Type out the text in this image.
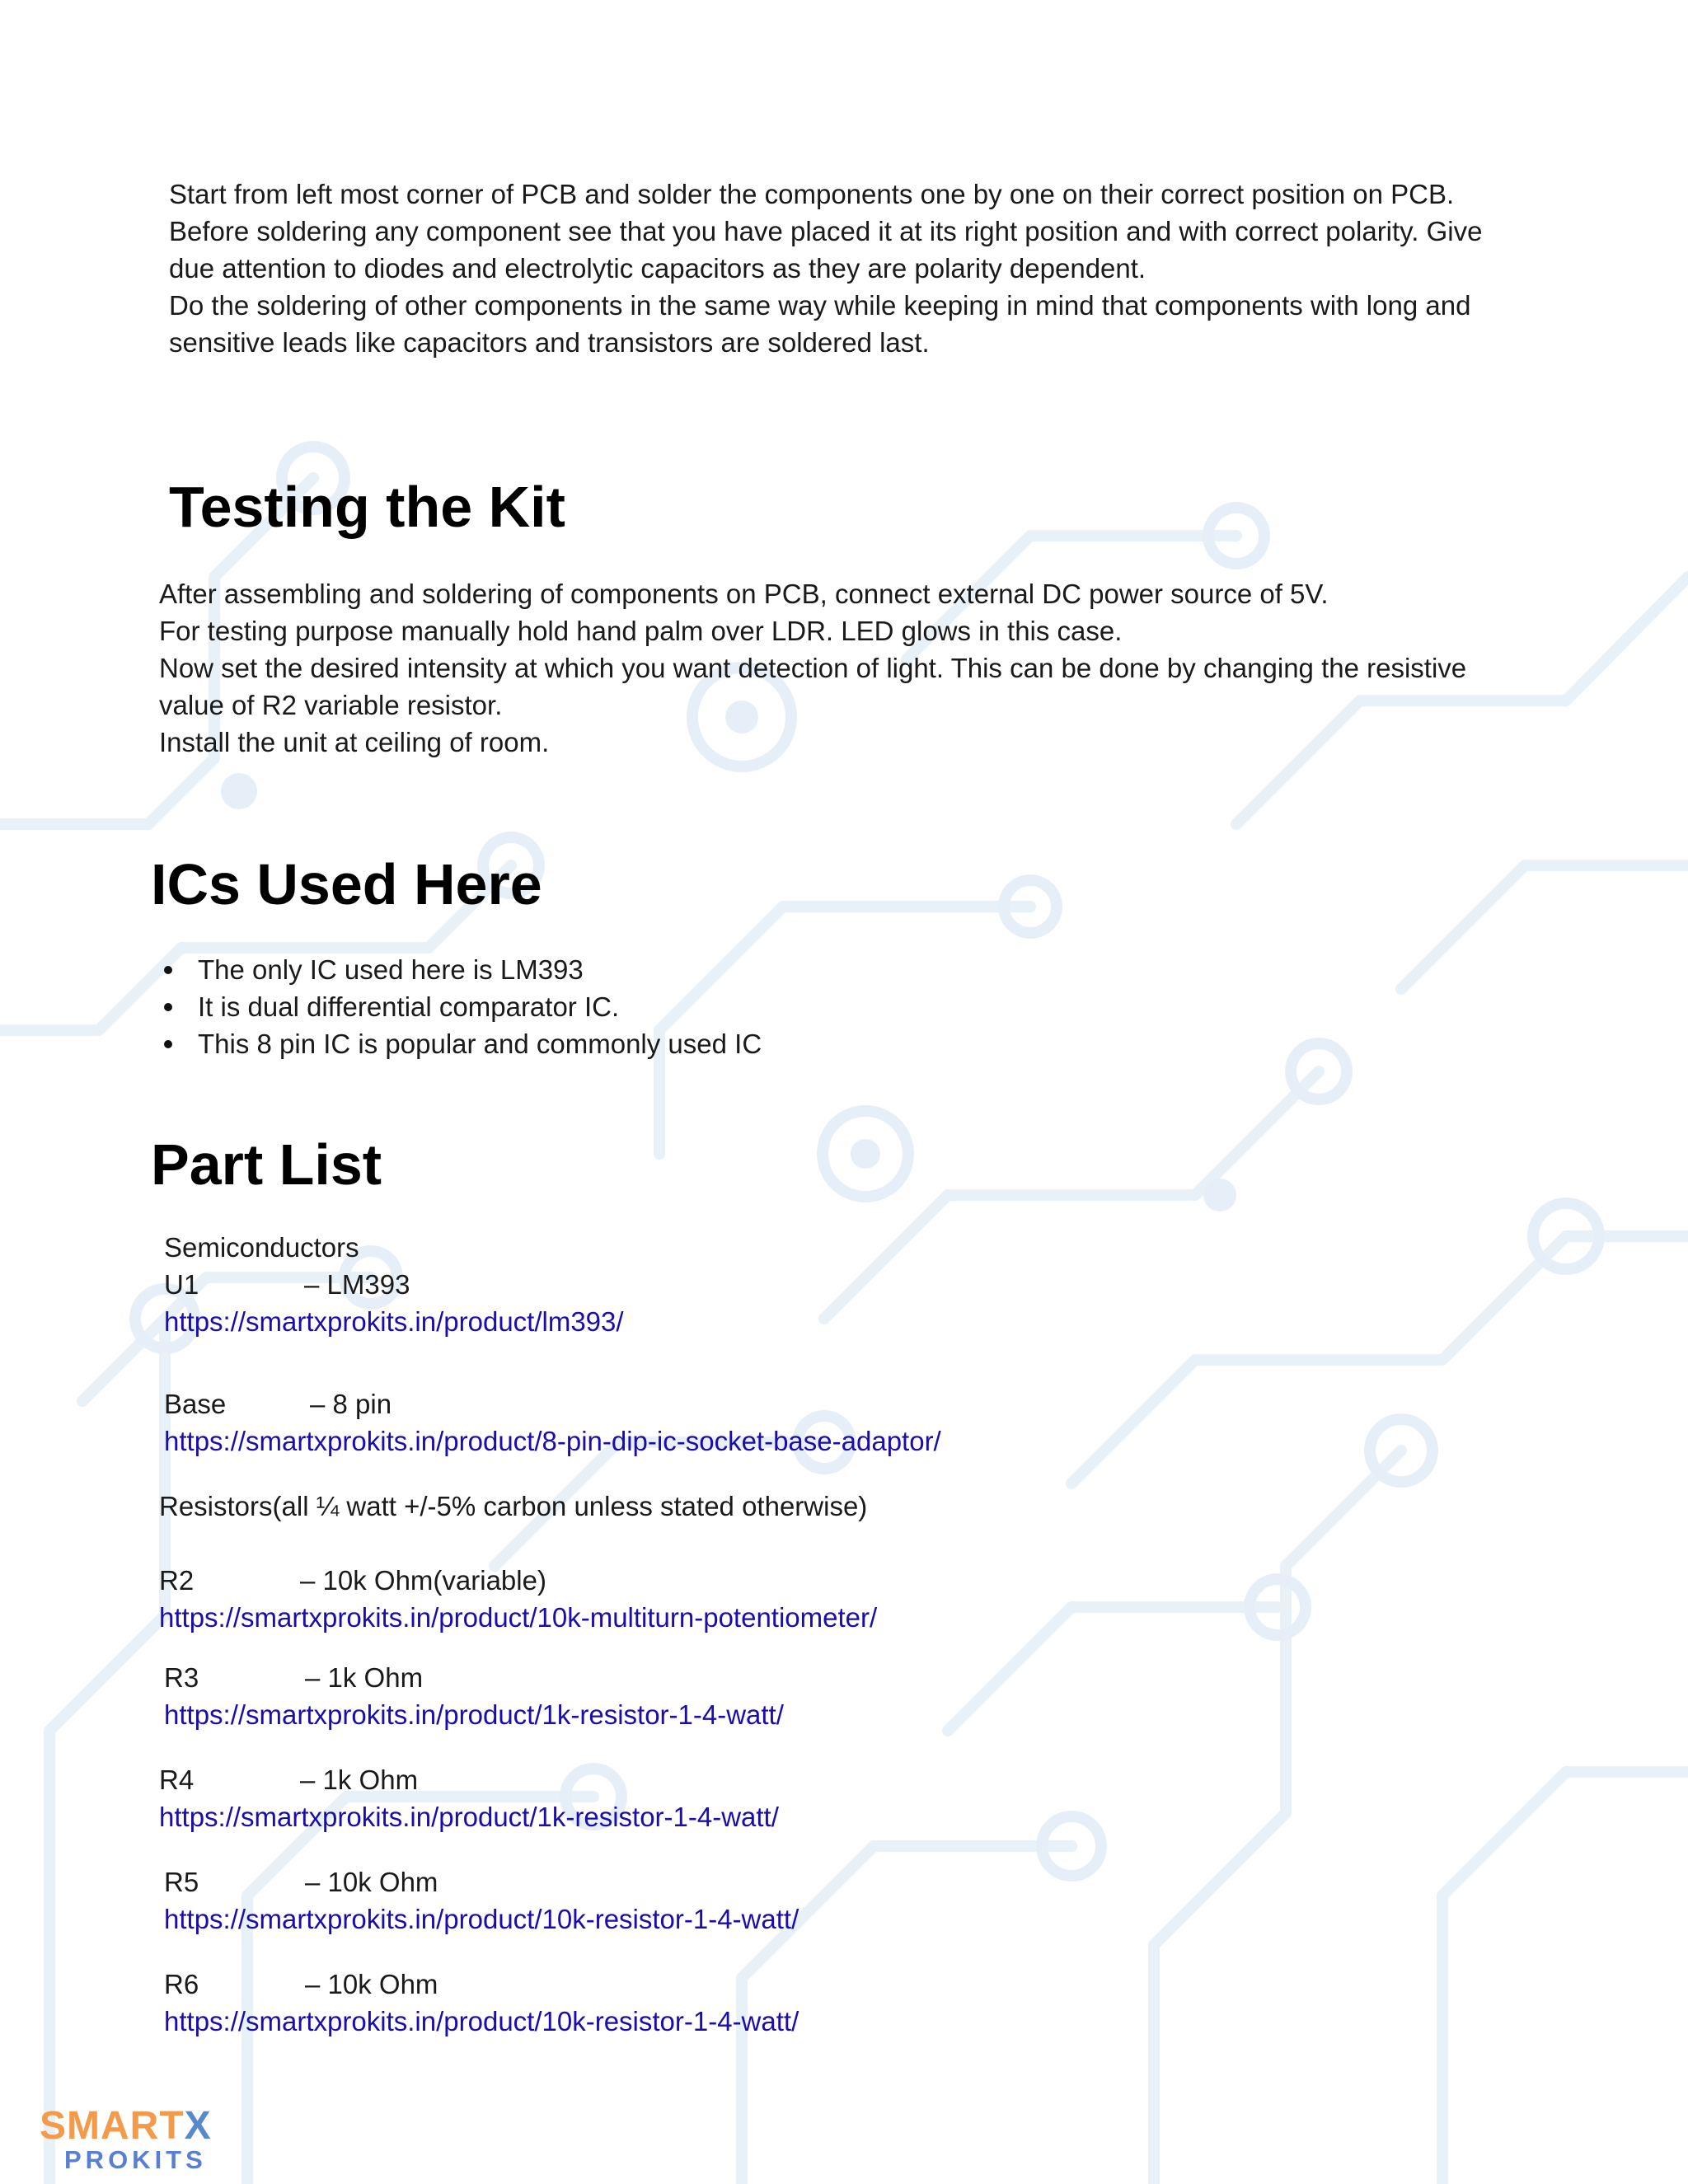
Start from left most corner of PCB and solder the components one by one on their correct position on PCB. Before soldering any component see that you have placed it at its right position and with correct polarity. Give due attention to diodes and electrolytic capacitors as they are polarity dependent.

Do the soldering of other components in the same way while keeping in mind that components with long and sensitive leads like capacitors and transistors are soldered last.

Testing the Kit

After assembling and soldering of components on PCB, connect external DC power source of 5V.

For testing purpose manually hold hand palm over LDR. LED glows in this case.

Now set the desired intensity at which you want detection of light. This can be done by changing the resistive value of R2 variable resistor.

Install the unit at ceiling of room.

ICs Used Here
The only IC used here is LM393
It is dual differential comparator IC.
This 8 pin IC is popular and commonly used IC
Part List
Semiconductors
U1	– LM393
https://smartxprokits.in/product/lm393/
Base	– 8 pin
https://smartxprokits.in/product/8-pin-dip-ic-socket-base-adaptor/
Resistors(all ¼ watt +/-5% carbon unless stated otherwise)
R2	– 10k Ohm(variable)
https://smartxprokits.in/product/10k-multiturn-potentiometer/
R3	– 1k Ohm
https://smartxprokits.in/product/1k-resistor-1-4-watt/
R4	– 1k Ohm
https://smartxprokits.in/product/1k-resistor-1-4-watt/
R5	– 10k Ohm
https://smartxprokits.in/product/10k-resistor-1-4-watt/
R6	– 10k Ohm
https://smartxprokits.in/product/10k-resistor-1-4-watt/
SMARTX
PROKITS
